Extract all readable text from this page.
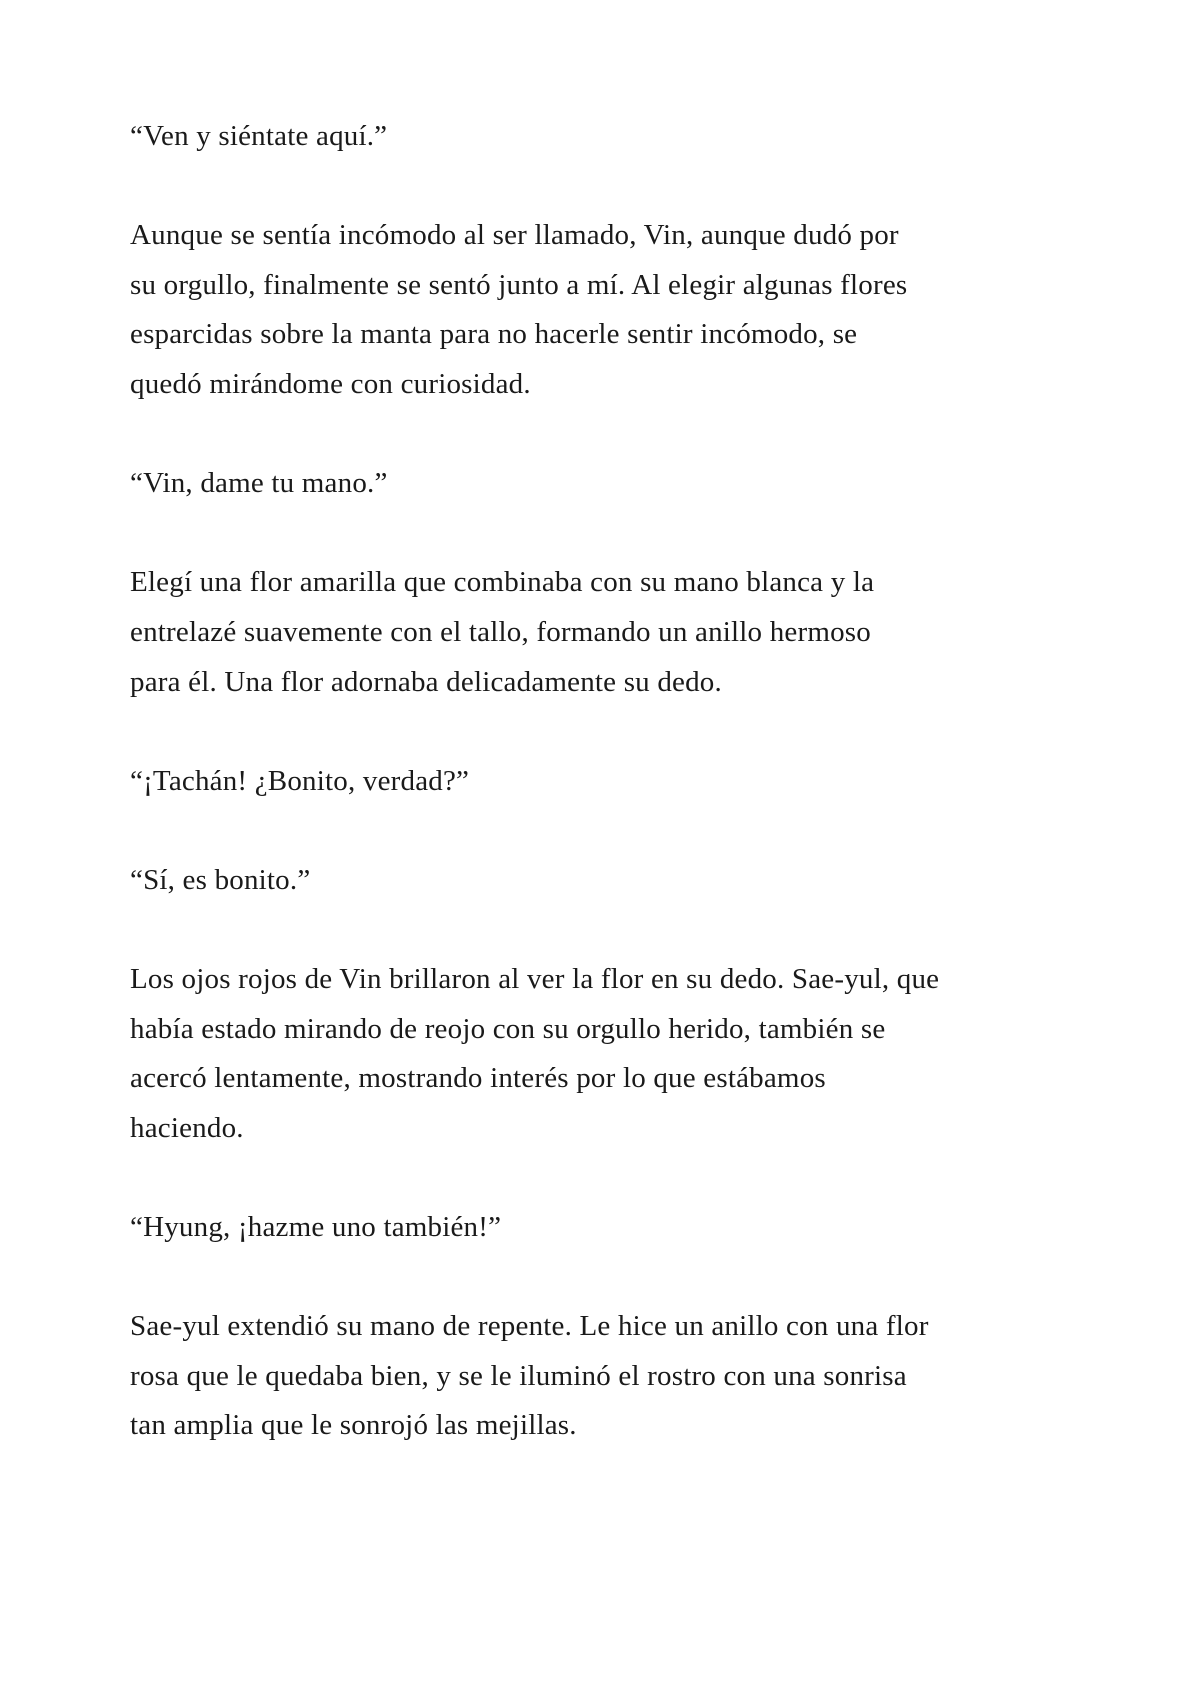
“Ven y siéntate aquí.”

Aunque se sentía incómodo al ser llamado, Vin, aunque dudó por
su orgullo, finalmente se sentó junto a mí. Al elegir algunas flores
esparcidas sobre la manta para no hacerle sentir incómodo, se
quedó mirándome con curiosidad.

“Vin, dame tu mano.”

Elegí una flor amarilla que combinaba con su mano blanca y la
entrelazé suavemente con el tallo, formando un anillo hermoso
para él. Una flor adornaba delicadamente su dedo.

“¡Tachán! ¿Bonito, verdad?”

“Sí, es bonito.”

Los ojos rojos de Vin brillaron al ver la flor en su dedo. Sae-yul, que
había estado mirando de reojo con su orgullo herido, también se
acercó lentamente, mostrando interés por lo que estábamos
haciendo.

“Hyung, ¡hazme uno también!”

Sae-yul extendió su mano de repente. Le hice un anillo con una flor
rosa que le quedaba bien, y se le iluminó el rostro con una sonrisa
tan amplia que le sonrojó las mejillas.
